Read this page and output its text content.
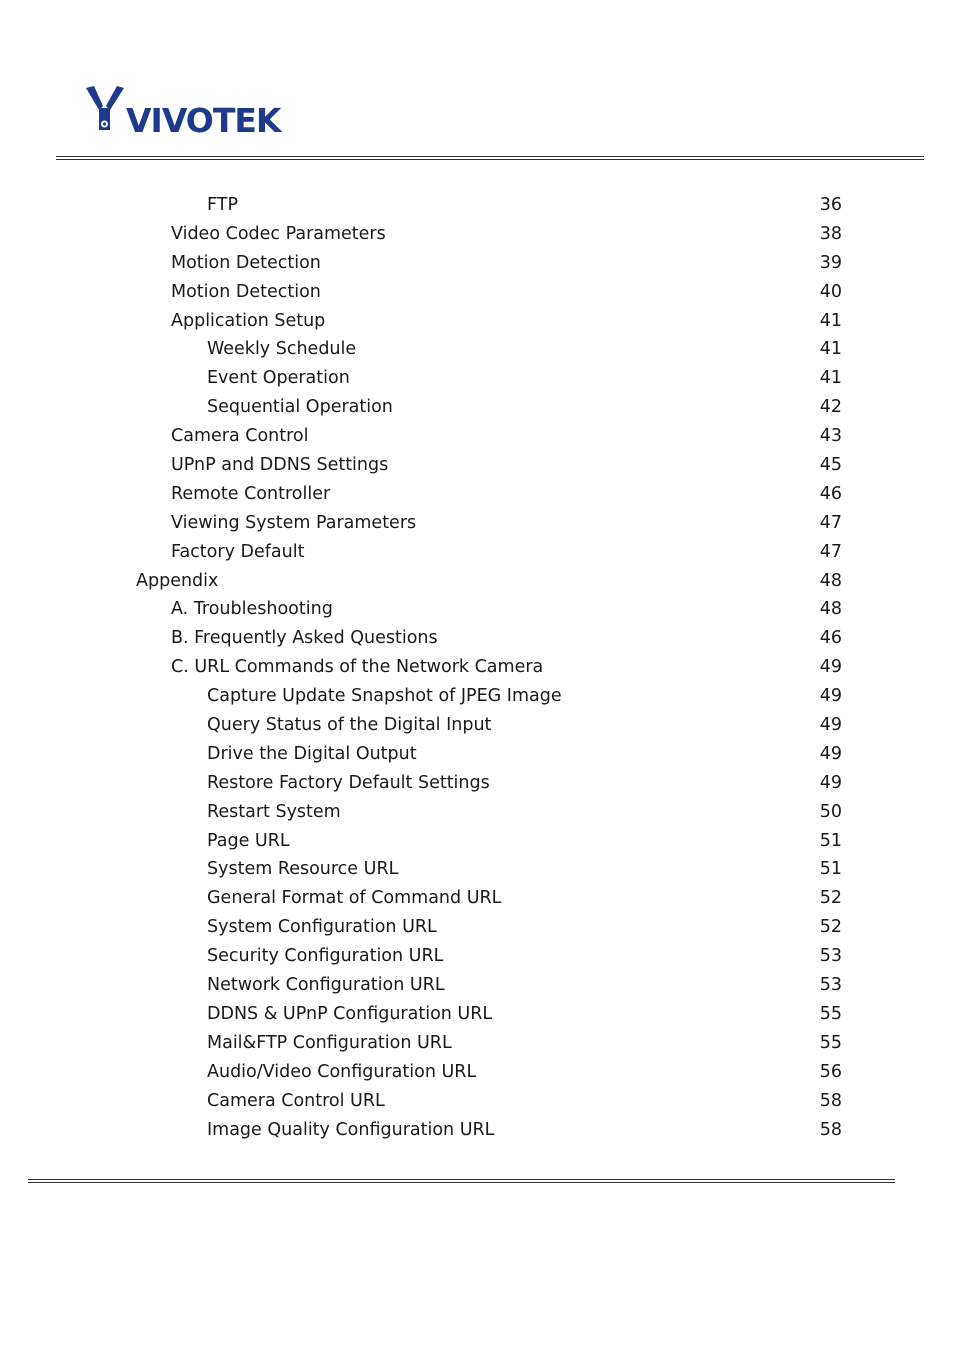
VIVOTEK
FTP	36
Video Codec Parameters	38
Motion Detection	39
Motion Detection	40
Application Setup	41
Weekly Schedule	41
Event Operation	41
Sequential Operation	42
Camera Control	43
UPnP and DDNS Settings	45
Remote Controller	46
Viewing System Parameters	47
Factory Default	47
Appendix	48
A. Troubleshooting	48
B. Frequently Asked Questions	46
C. URL Commands of the Network Camera	49
Capture Update Snapshot of JPEG Image	49
Query Status of the Digital Input	49
Drive the Digital Output	49
Restore Factory Default Settings	49
Restart System	50
Page URL	51
System Resource URL	51
General Format of Command URL	52
System Configuration URL	52
Security Configuration URL	53
Network Configuration URL	53
DDNS & UPnP Configuration URL	55
Mail&FTP Configuration URL	55
Audio/Video Configuration URL	56
Camera Control URL	58
Image Quality Configuration URL	58
